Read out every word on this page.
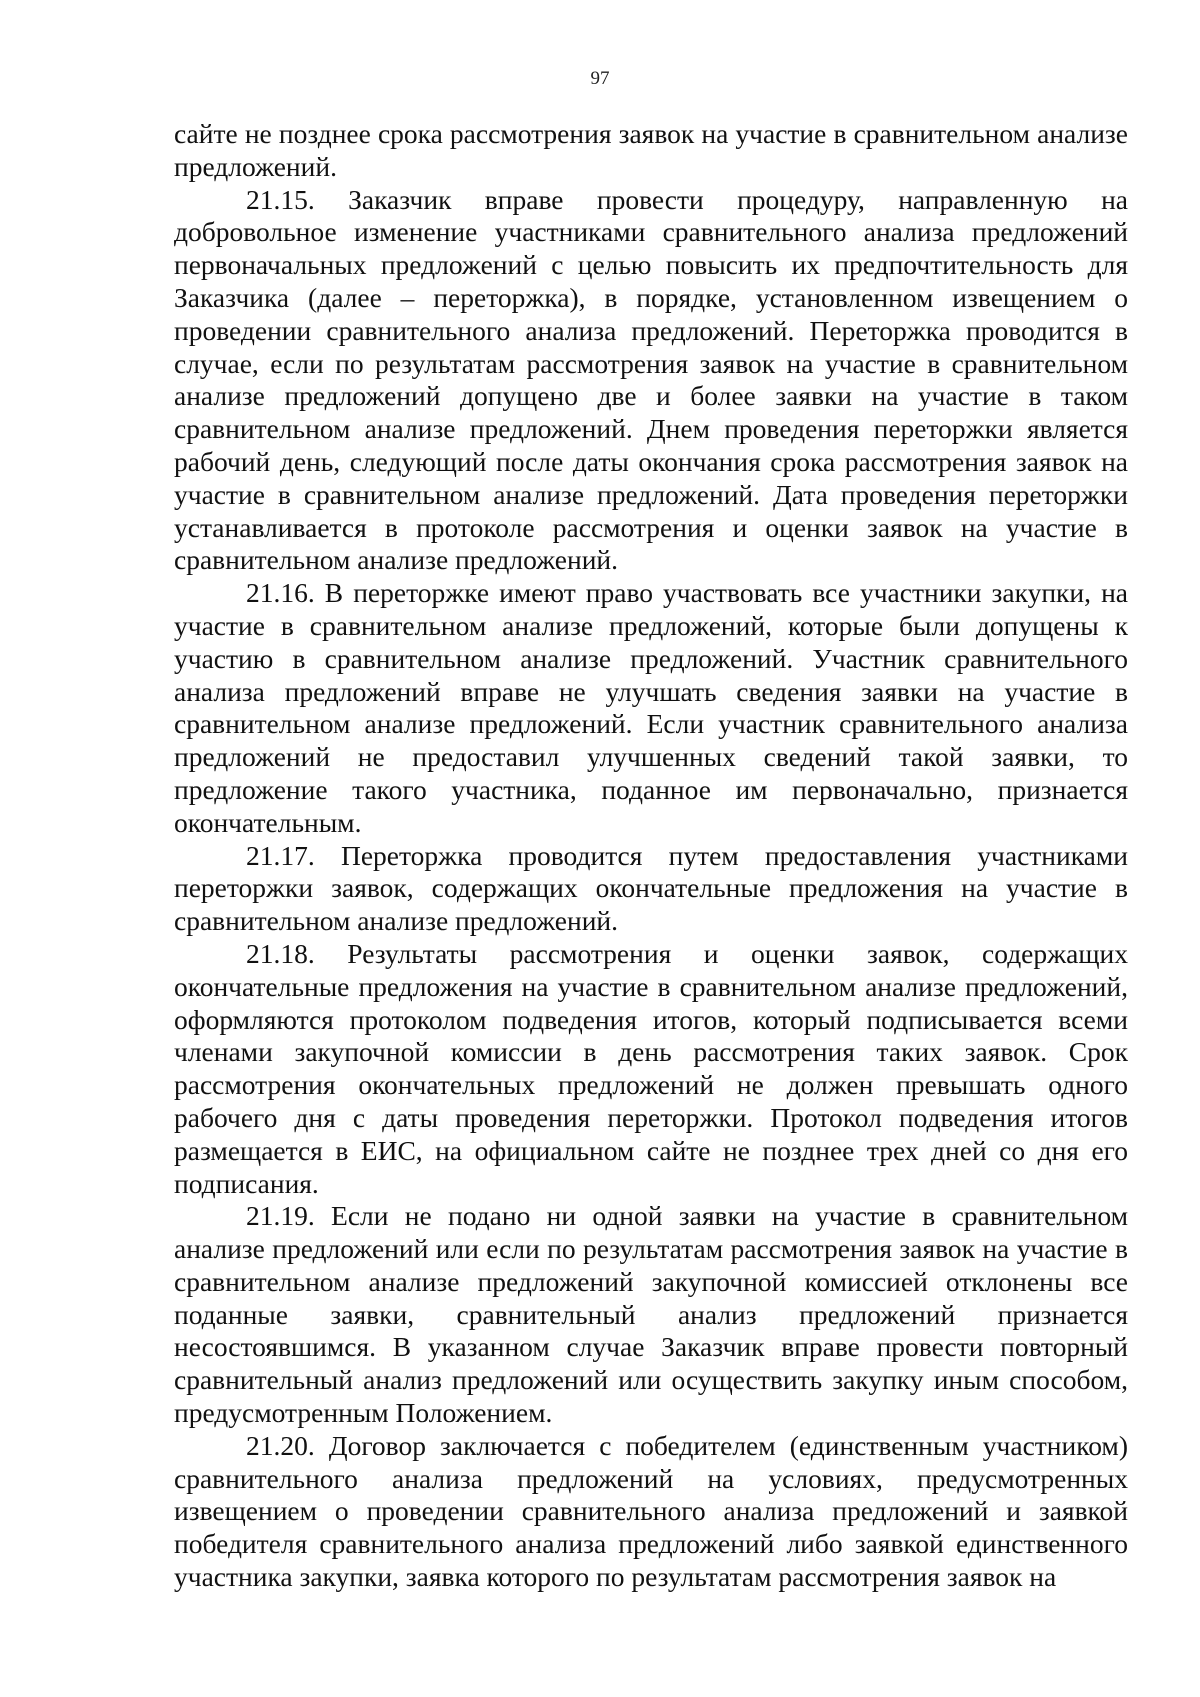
97

сайте не позднее срока рассмотрения заявок на участие в сравнительном анализе предложений.

21.15. Заказчик вправе провести процедуру, направленную на добровольное изменение участниками сравнительного анализа предложений первоначальных предложений с целью повысить их предпочтительность для Заказчика (далее – переторжка), в порядке, установленном извещением о проведении сравнительного анализа предложений. Переторжка проводится в случае, если по результатам рассмотрения заявок на участие в сравнительном анализе предложений допущено две и более заявки на участие в таком сравнительном анализе предложений. Днем проведения переторжки является рабочий день, следующий после даты окончания срока рассмотрения заявок на участие в сравнительном анализе предложений. Дата проведения переторжки устанавливается в протоколе рассмотрения и оценки заявок на участие в сравнительном анализе предложений.

21.16. В переторжке имеют право участвовать все участники закупки, на участие в сравнительном анализе предложений, которые были допущены к участию в сравнительном анализе предложений. Участник сравнительного анализа предложений вправе не улучшать сведения заявки на участие в сравнительном анализе предложений. Если участник сравнительного анализа предложений не предоставил улучшенных сведений такой заявки, то предложение такого участника, поданное им первоначально, признается окончательным.

21.17. Переторжка проводится путем предоставления участниками переторжки заявок, содержащих окончательные предложения на участие в сравнительном анализе предложений.

21.18. Результаты рассмотрения и оценки заявок, содержащих окончательные предложения на участие в сравнительном анализе предложений, оформляются протоколом подведения итогов, который подписывается всеми членами закупочной комиссии в день рассмотрения таких заявок. Срок рассмотрения окончательных предложений не должен превышать одного рабочего дня с даты проведения переторжки. Протокол подведения итогов размещается в ЕИС, на официальном сайте не позднее трех дней со дня его подписания.

21.19. Если не подано ни одной заявки на участие в сравнительном анализе предложений или если по результатам рассмотрения заявок на участие в сравнительном анализе предложений закупочной комиссией отклонены все поданные заявки, сравнительный анализ предложений признается несостоявшимся. В указанном случае Заказчик вправе провести повторный сравнительный анализ предложений или осуществить закупку иным способом, предусмотренным Положением.

21.20. Договор заключается с победителем (единственным участником) сравнительного анализа предложений на условиях, предусмотренных извещением о проведении сравнительного анализа предложений и заявкой победителя сравнительного анализа предложений либо заявкой единственного участника закупки, заявка которого по результатам рассмотрения заявок на
